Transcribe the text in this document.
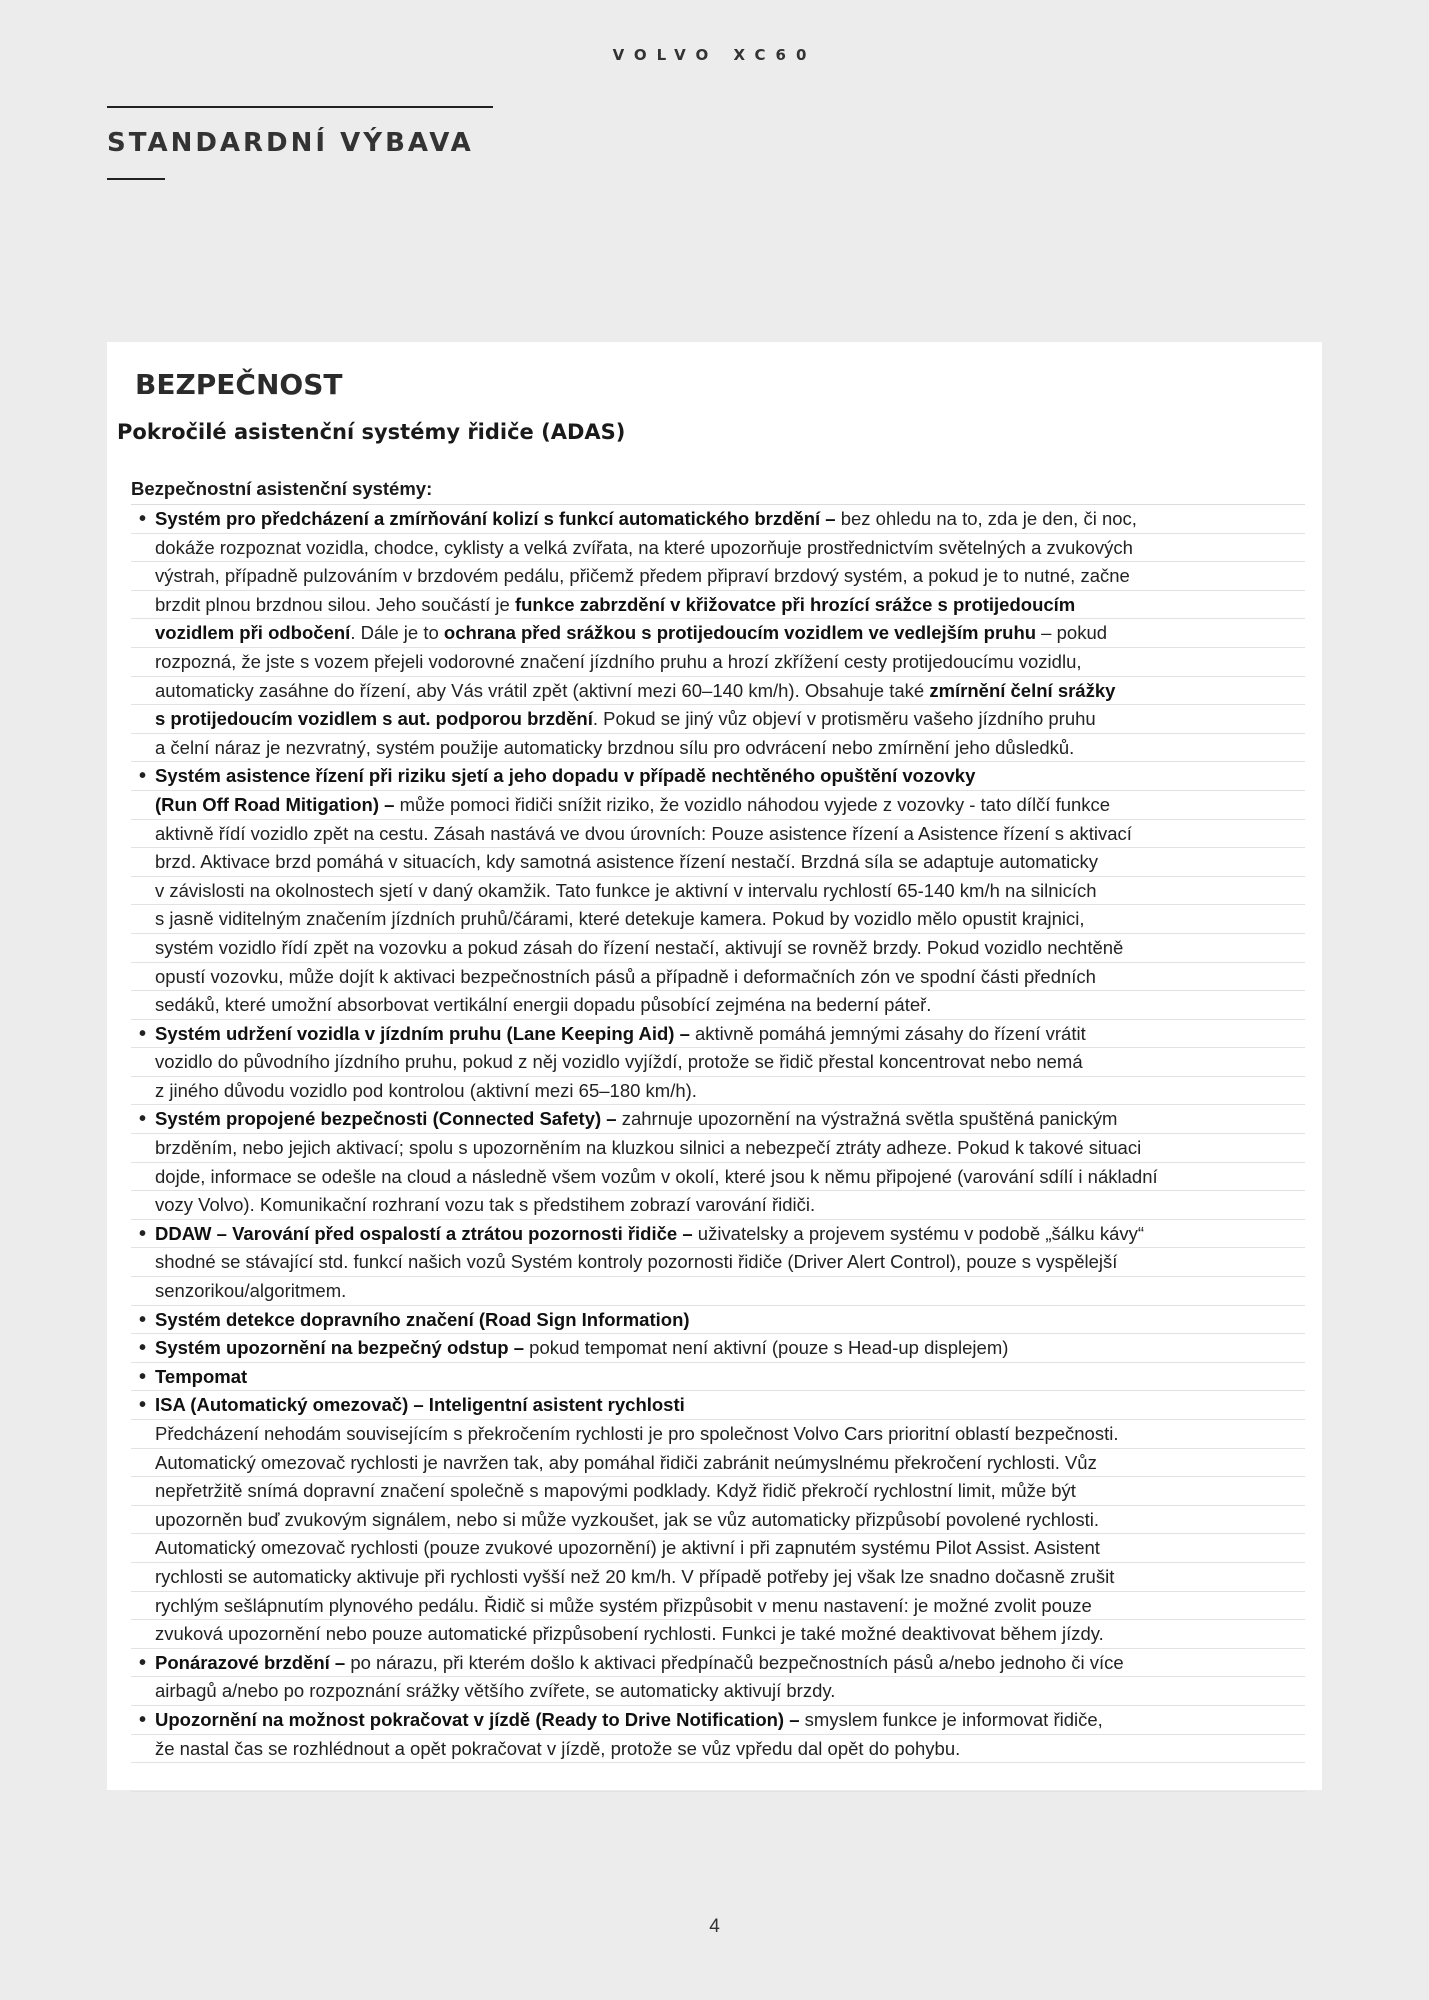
VOLVO XC60
STANDARDNÍ VÝBAVA
BEZPEČNOST
Pokročilé asistenční systémy řidiče (ADAS)
Bezpečnostní asistenční systémy:
• Systém pro předcházení a zmírňování kolizí s funkcí automatického brzdění – bez ohledu na to, zda je den, či noc,
dokáže rozpoznat vozidla, chodce, cyklisty a velká zvířata, na které upozorňuje prostřednictvím světelných a zvukových
výstrah, případně pulzováním v brzdovém pedálu, přičemž předem připraví brzdový systém, a pokud je to nutné, začne
brzdit plnou brzdnou silou. Jeho součástí je funkce zabrzdění v křižovatce při hrozící srážce s protijedoucím
vozidlem při odbočení. Dále je to ochrana před srážkou s protijedoucím vozidlem ve vedlejším pruhu – pokud
rozpozná, že jste s vozem přejeli vodorovné značení jízdního pruhu a hrozí zkřížení cesty protijedoucímu vozidlu,
automaticky zasáhne do řízení, aby Vás vrátil zpět (aktivní mezi 60–140 km/h). Obsahuje také zmírnění čelní srážky
s protijedoucím vozidlem s aut. podporou brzdění. Pokud se jiný vůz objeví v protisměru vašeho jízdního pruhu
a čelní náraz je nezvratný, systém použije automaticky brzdnou sílu pro odvrácení nebo zmírnění jeho důsledků.
• Systém asistence řízení při riziku sjetí a jeho dopadu v případě nechtěného opuštění vozovky
(Run Off Road Mitigation) – může pomoci řidiči snížit riziko, že vozidlo náhodou vyjede z vozovky - tato dílčí funkce
aktivně řídí vozidlo zpět na cestu. Zásah nastává ve dvou úrovních: Pouze asistence řízení a Asistence řízení s aktivací
brzd. Aktivace brzd pomáhá v situacích, kdy samotná asistence řízení nestačí. Brzdná síla se adaptuje automaticky
v závislosti na okolnostech sjetí v daný okamžik. Tato funkce je aktivní v intervalu rychlostí 65-140 km/h na silnicích
s jasně viditelným značením jízdních pruhů/čárami, které detekuje kamera. Pokud by vozidlo mělo opustit krajnici,
systém vozidlo řídí zpět na vozovku a pokud zásah do řízení nestačí, aktivují se rovněž brzdy. Pokud vozidlo nechtěně
opustí vozovku, může dojít k aktivaci bezpečnostních pásů a případně i deformačních zón ve spodní části předních
sedáků, které umožní absorbovat vertikální energii dopadu působící zejména na bederní páteř.
• Systém udržení vozidla v jízdním pruhu (Lane Keeping Aid) – aktivně pomáhá jemnými zásahy do řízení vrátit
vozidlo do původního jízdního pruhu, pokud z něj vozidlo vyjíždí, protože se řidič přestal koncentrovat nebo nemá
z jiného důvodu vozidlo pod kontrolou (aktivní mezi 65–180 km/h).
• Systém propojené bezpečnosti (Connected Safety) – zahrnuje upozornění na výstražná světla spuštěná panickým
brzděním, nebo jejich aktivací; spolu s upozorněním na kluzkou silnici a nebezpečí ztráty adheze. Pokud k takové situaci
dojde, informace se odešle na cloud a následně všem vozům v okolí, které jsou k němu připojené (varování sdílí i nákladní
vozy Volvo). Komunikační rozhraní vozu tak s předstihem zobrazí varování řidiči.
• DDAW – Varování před ospalostí a ztrátou pozornosti řidiče – uživatelsky a projevem systému v podobě „šálku kávy“
shodné se stávající std. funkcí našich vozů Systém kontroly pozornosti řidiče (Driver Alert Control), pouze s vyspělejší
senzorikou/algoritmem.
• Systém detekce dopravního značení (Road Sign Information)
• Systém upozornění na bezpečný odstup – pokud tempomat není aktivní (pouze s Head-up displejem)
• Tempomat
• ISA (Automatický omezovač) – Inteligentní asistent rychlosti
Předcházení nehodám souvisejícím s překročením rychlosti je pro společnost Volvo Cars prioritní oblastí bezpečnosti.
Automatický omezovač rychlosti je navržen tak, aby pomáhal řidiči zabránit neúmyslnému překročení rychlosti. Vůz
nepřetržitě snímá dopravní značení společně s mapovými podklady. Když řidič překročí rychlostní limit, může být
upozorněn buď zvukovým signálem, nebo si může vyzkoušet, jak se vůz automaticky přizpůsobí povolené rychlosti.
Automatický omezovač rychlosti (pouze zvukové upozornění) je aktivní i při zapnutém systému Pilot Assist. Asistent
rychlosti se automaticky aktivuje při rychlosti vyšší než 20 km/h. V případě potřeby jej však lze snadno dočasně zrušit
rychlým sešlápnutím plynového pedálu. Řidič si může systém přizpůsobit v menu nastavení: je možné zvolit pouze
zvuková upozornění nebo pouze automatické přizpůsobení rychlosti. Funkci je také možné deaktivovat během jízdy.
• Ponárazové brzdění – po nárazu, při kterém došlo k aktivaci předpínačů bezpečnostních pásů a/nebo jednoho či více
airbagů a/nebo po rozpoznání srážky většího zvířete, se automaticky aktivují brzdy.
• Upozornění na možnost pokračovat v jízdě (Ready to Drive Notification) – smyslem funkce je informovat řidiče,
že nastal čas se rozhlédnout a opět pokračovat v jízdě, protože se vůz vpředu dal opět do pohybu.
4
